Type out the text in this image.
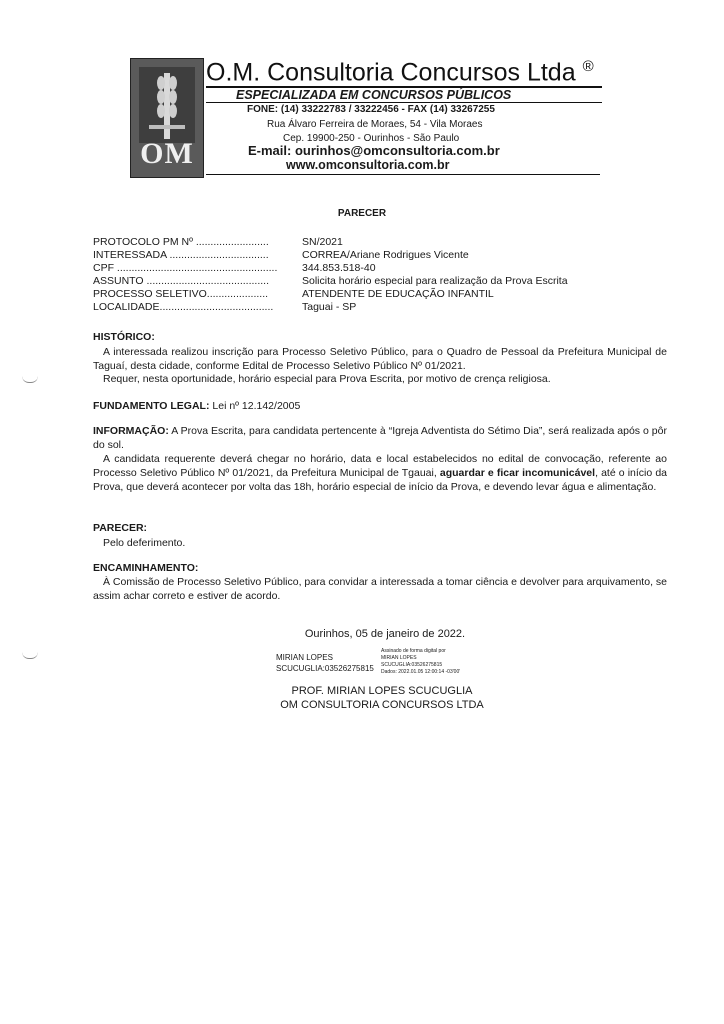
OM
O.M. Consultoria Concursos Ltda ®
ESPECIALIZADA EM CONCURSOS PÚBLICOS
FONE: (14) 33222783 / 33222456 - FAX (14) 33267255
Rua Álvaro Ferreira de Moraes, 54 - Vila Moraes
Cep. 19900-250 - Ourinhos - São Paulo
E-mail: ourinhos@omconsultoria.com.br
www.omconsultoria.com.br
PARECER
PROTOCOLO PM Nº .........................	SN/2021
INTERESSADA ..................................	CORREA/Ariane Rodrigues Vicente
CPF .......................................................	344.853.518-40
ASSUNTO ..........................................	Solicita horário especial para realização da Prova Escrita
PROCESSO SELETIVO.....................	ATENDENTE DE EDUCAÇÃO INFANTIL
LOCALIDADE.......................................	Taguai - SP
HISTÓRICO:
A interessada realizou inscrição para Processo Seletivo Público, para o Quadro de Pessoal da Prefeitura Municipal de Taguaí, desta cidade, conforme Edital de Processo Seletivo Público Nº 01/2021.
Requer, nesta oportunidade, horário especial para Prova Escrita, por motivo de crença religiosa.
FUNDAMENTO LEGAL: Lei nº 12.142/2005
INFORMAÇÃO: A Prova Escrita, para candidata pertencente à “Igreja Adventista do Sétimo Dia”, será realizada após o pôr do sol.
A candidata requerente deverá chegar no horário, data e local estabelecidos no edital de convocação, referente ao Processo Seletivo Público Nº 01/2021, da Prefeitura Municipal de Tgauai, aguardar e ficar incomunicável, até o início da Prova, que deverá acontecer por volta das 18h, horário especial de início da Prova, e devendo levar água e alimentação.
PARECER:
Pelo deferimento.
ENCAMINHAMENTO:
À Comissão de Processo Seletivo Público, para convidar a interessada a tomar ciência e devolver para arquivamento, se assim achar correto e estiver de acordo.
Ourinhos, 05 de janeiro de 2022.
MIRIAN LOPES
SCUCUGLIA:03526275815
Assinado de forma digital por
MIRIAN LOPES
SCUCUGLIA:03526275815
Dados: 2022.01.05 12:00:14 -03'00'
PROF. MIRIAN LOPES SCUCUGLIA
OM CONSULTORIA CONCURSOS LTDA
